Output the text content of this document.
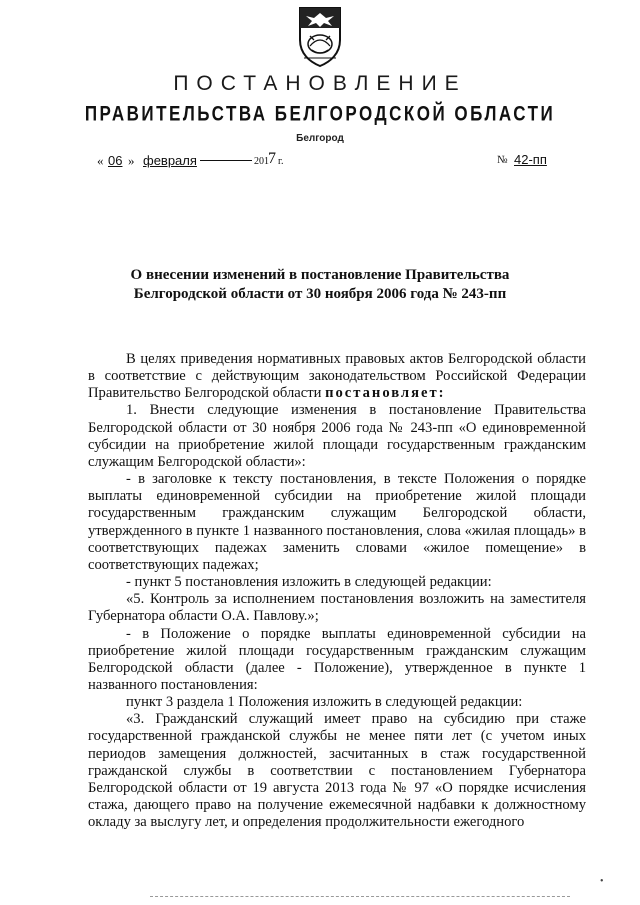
ПОСТАНОВЛЕНИЕ
ПРАВИТЕЛЬСТВА БЕЛГОРОДСКОЙ ОБЛАСТИ
Белгород
« 06 » февраля	201 7 г.	№ 42-пп
О внесении изменений в постановление Правительства
Белгородской области от 30 ноября 2006 года № 243-пп

В целях приведения нормативных правовых актов Белгородской области в соответствие с действующим законодательством Российской Федерации Правительство Белгородской области постановляет:

1. Внести следующие изменения в постановление Правительства Белгородской области от 30 ноября 2006 года № 243-пп «О единовременной субсидии на приобретение жилой площади государственным гражданским служащим Белгородской области»:

- в заголовке к тексту постановления, в тексте Положения о порядке выплаты единовременной субсидии на приобретение жилой площади государственным гражданским служащим Белгородской области, утвержденного в пункте 1 названного постановления, слова «жилая площадь» в соответствующих падежах заменить словами «жилое помещение» в соответствующих падежах;

- пункт 5 постановления изложить в следующей редакции:

«5. Контроль за исполнением постановления возложить на заместителя Губернатора области О.А. Павлову.»;

- в Положение о порядке выплаты единовременной субсидии на приобретение жилой площади государственным гражданским служащим Белгородской области (далее - Положение), утвержденное в пункте 1 названного постановления:

пункт 3 раздела 1 Положения изложить в следующей редакции:

«3. Гражданский служащий имеет право на субсидию при стаже государственной гражданской службы не менее пяти лет (с учетом иных периодов замещения должностей, засчитанных в стаж государственной гражданской службы в соответствии с постановлением Губернатора Белгородской области от 19 августа 2013 года № 97 «О порядке исчисления стажа, дающего право на получение ежемесячной надбавки к должностному окладу за выслугу лет, и определения продолжительности ежегодного

•
